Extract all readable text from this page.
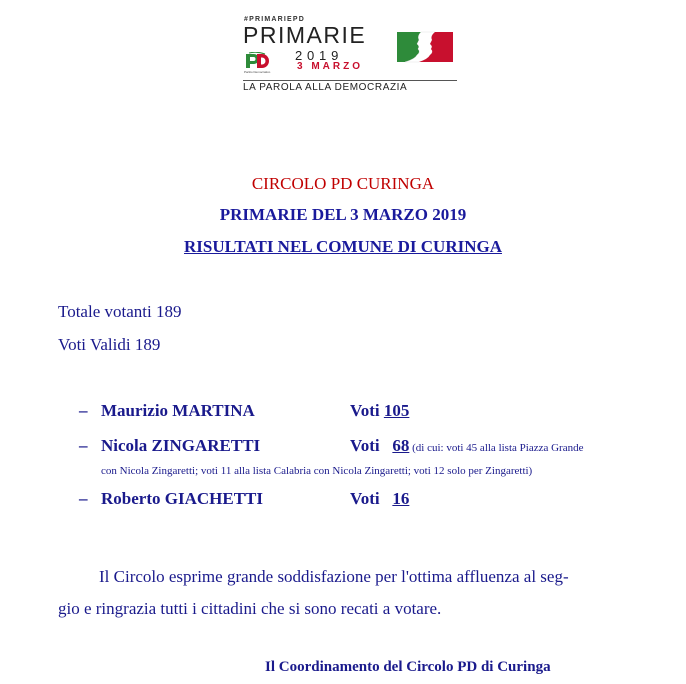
#PRIMARIEPD
PRIMARIE
Partito Democratico
2019
3 MARZO
LA PAROLA ALLA DEMOCRAZIA
CIRCOLO PD CURINGA
PRIMARIE DEL 3 MARZO 2019
RISULTATI NEL COMUNE DI CURINGA
Totale votanti 189
Voti Validi 189
– Maurizio MARTINA	Voti 105
– Nicola ZINGARETTI	Voti   68 (di cui: voti 45 alla lista Piazza Grande
con Nicola Zingaretti; voti 11 alla lista Calabria con Nicola Zingaretti; voti 12 solo per Zingaretti)
– Roberto GIACHETTI	Voti   16
Il Circolo esprime grande soddisfazione per l'ottima affluenza al seg-
gio e ringrazia tutti i cittadini che si sono recati a votare.
Il Coordinamento del Circolo PD di Curinga
